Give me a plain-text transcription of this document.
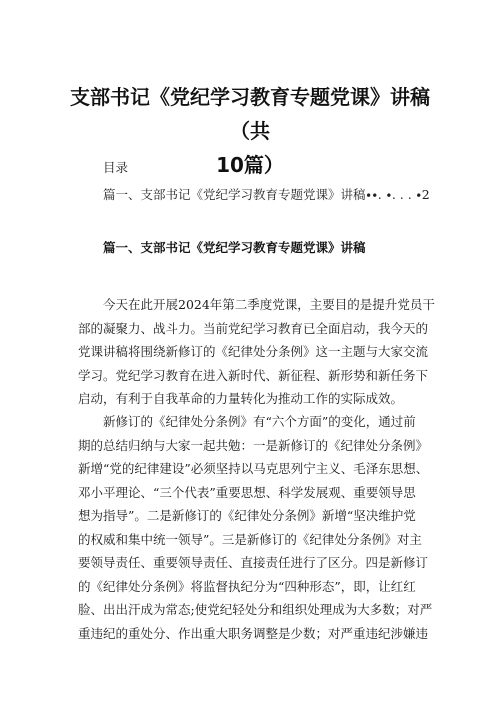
支部书记《党纪学习教育专题党课》讲稿（共
10篇）
目录
篇一、支部书记《党纪学习教育专题党课》讲稿∙∙. ∙. . . ∙2
篇一、支部书记《党纪学习教育专题党课》讲稿
今天在此开展2024年第二季度党课，主要目的是提升党员干
部的凝聚力、战斗力。当前党纪学习教育已全面启动，我今天的
党课讲稿将围绕新修订的《纪律处分条例》这一主题与大家交流
学习。党纪学习教育在进入新时代、新征程、新形势和新任务下
启动，有利于自我革命的力量转化为推动工作的实际成效。
新修订的《纪律处分条例》有“六个方面”的变化，通过前
期的总结归纳与大家一起共勉：一是新修订的《纪律处分条例》
新增“党的纪律建设”必须坚持以马克思列宁主义、毛泽东思想、
邓小平理论、“三个代表”重要思想、科学发展观、重要领导思
想为指导”。二是新修订的《纪律处分条例》新增“坚决维护党
的权威和集中统一领导”。三是新修订的《纪律处分条例》对主
要领导责任、重要领导责任、直接责任进行了区分。四是新修订
的《纪律处分条例》将监督执纪分为“四种形态”，即，让红红
脸、出出汗成为常态;使党纪轻处分和组织处理成为大多数；对严
重违纪的重处分、作出重大职务调整是少数；对严重违纪涉嫌违
